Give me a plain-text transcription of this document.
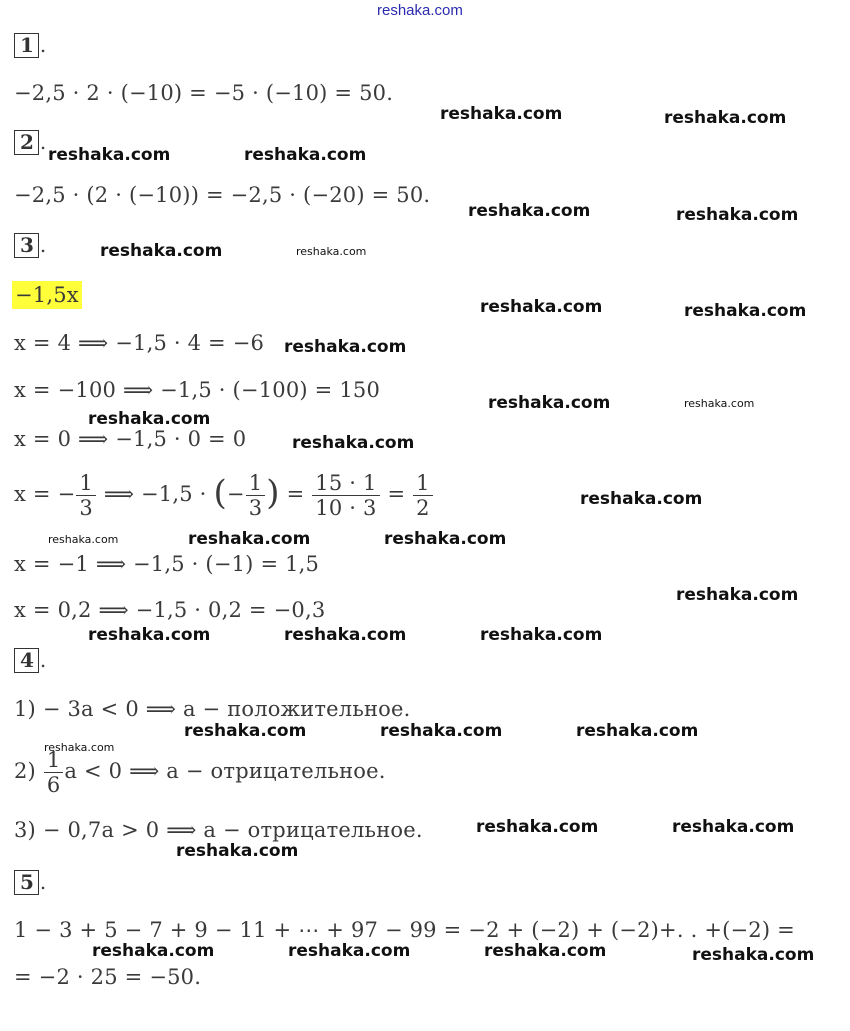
reshaka.com
1 .
−2,5 · 2 · (−10) = −5 · (−10) = 50.
2 .
−2,5 · (2 · (−10)) = −2,5 · (−20) = 50.
3 .
−1,5x
x = 4 ⟹ −1,5 · 4 = −6
x = −100 ⟹ −1,5 · (−100) = 150
x = 0 ⟹ −1,5 · 0 = 0
x = − $\frac{1}{3}$ ⟹ −1,5 · (− $\frac{1}{3}$ ) = $\frac{15 \cdot 1}{10 \cdot 3} = \frac{1}{2}$
x = −1 ⟹ −1,5 · (−1) = 1,5
x = 0,2 ⟹ −1,5 · 0,2 = −0,3
4 .
1) − 3a < 0 ⟹ a − положительное.
$2) \frac{1}{6}$ a < 0 ⟹ a − отрицательное.
3) − 0,7a > 0 ⟹ a − отрицательное.
5 .
1 − 3 + 5 − 7 + 9 − 11 + ⋯ + 97 − 99 = −2 + (−2) + (−2)+. . +(−2) =
= −2 · 25 = −50.
reshaka.com	reshaka.com
reshaka.com	reshaka.com
reshaka.com	reshaka.com
reshaka.com	reshaka.com
reshaka.com	reshaka.com
reshaka.com
reshaka.com	reshaka.com
reshaka.com
reshaka.com
reshaka.com
reshaka.com	reshaka.com	reshaka.com
reshaka.com
reshaka.com	reshaka.com	reshaka.com
reshaka.com	reshaka.com	reshaka.com
reshaka.com
reshaka.com	reshaka.com
reshaka.com
reshaka.com	reshaka.com	reshaka.com	reshaka.com
